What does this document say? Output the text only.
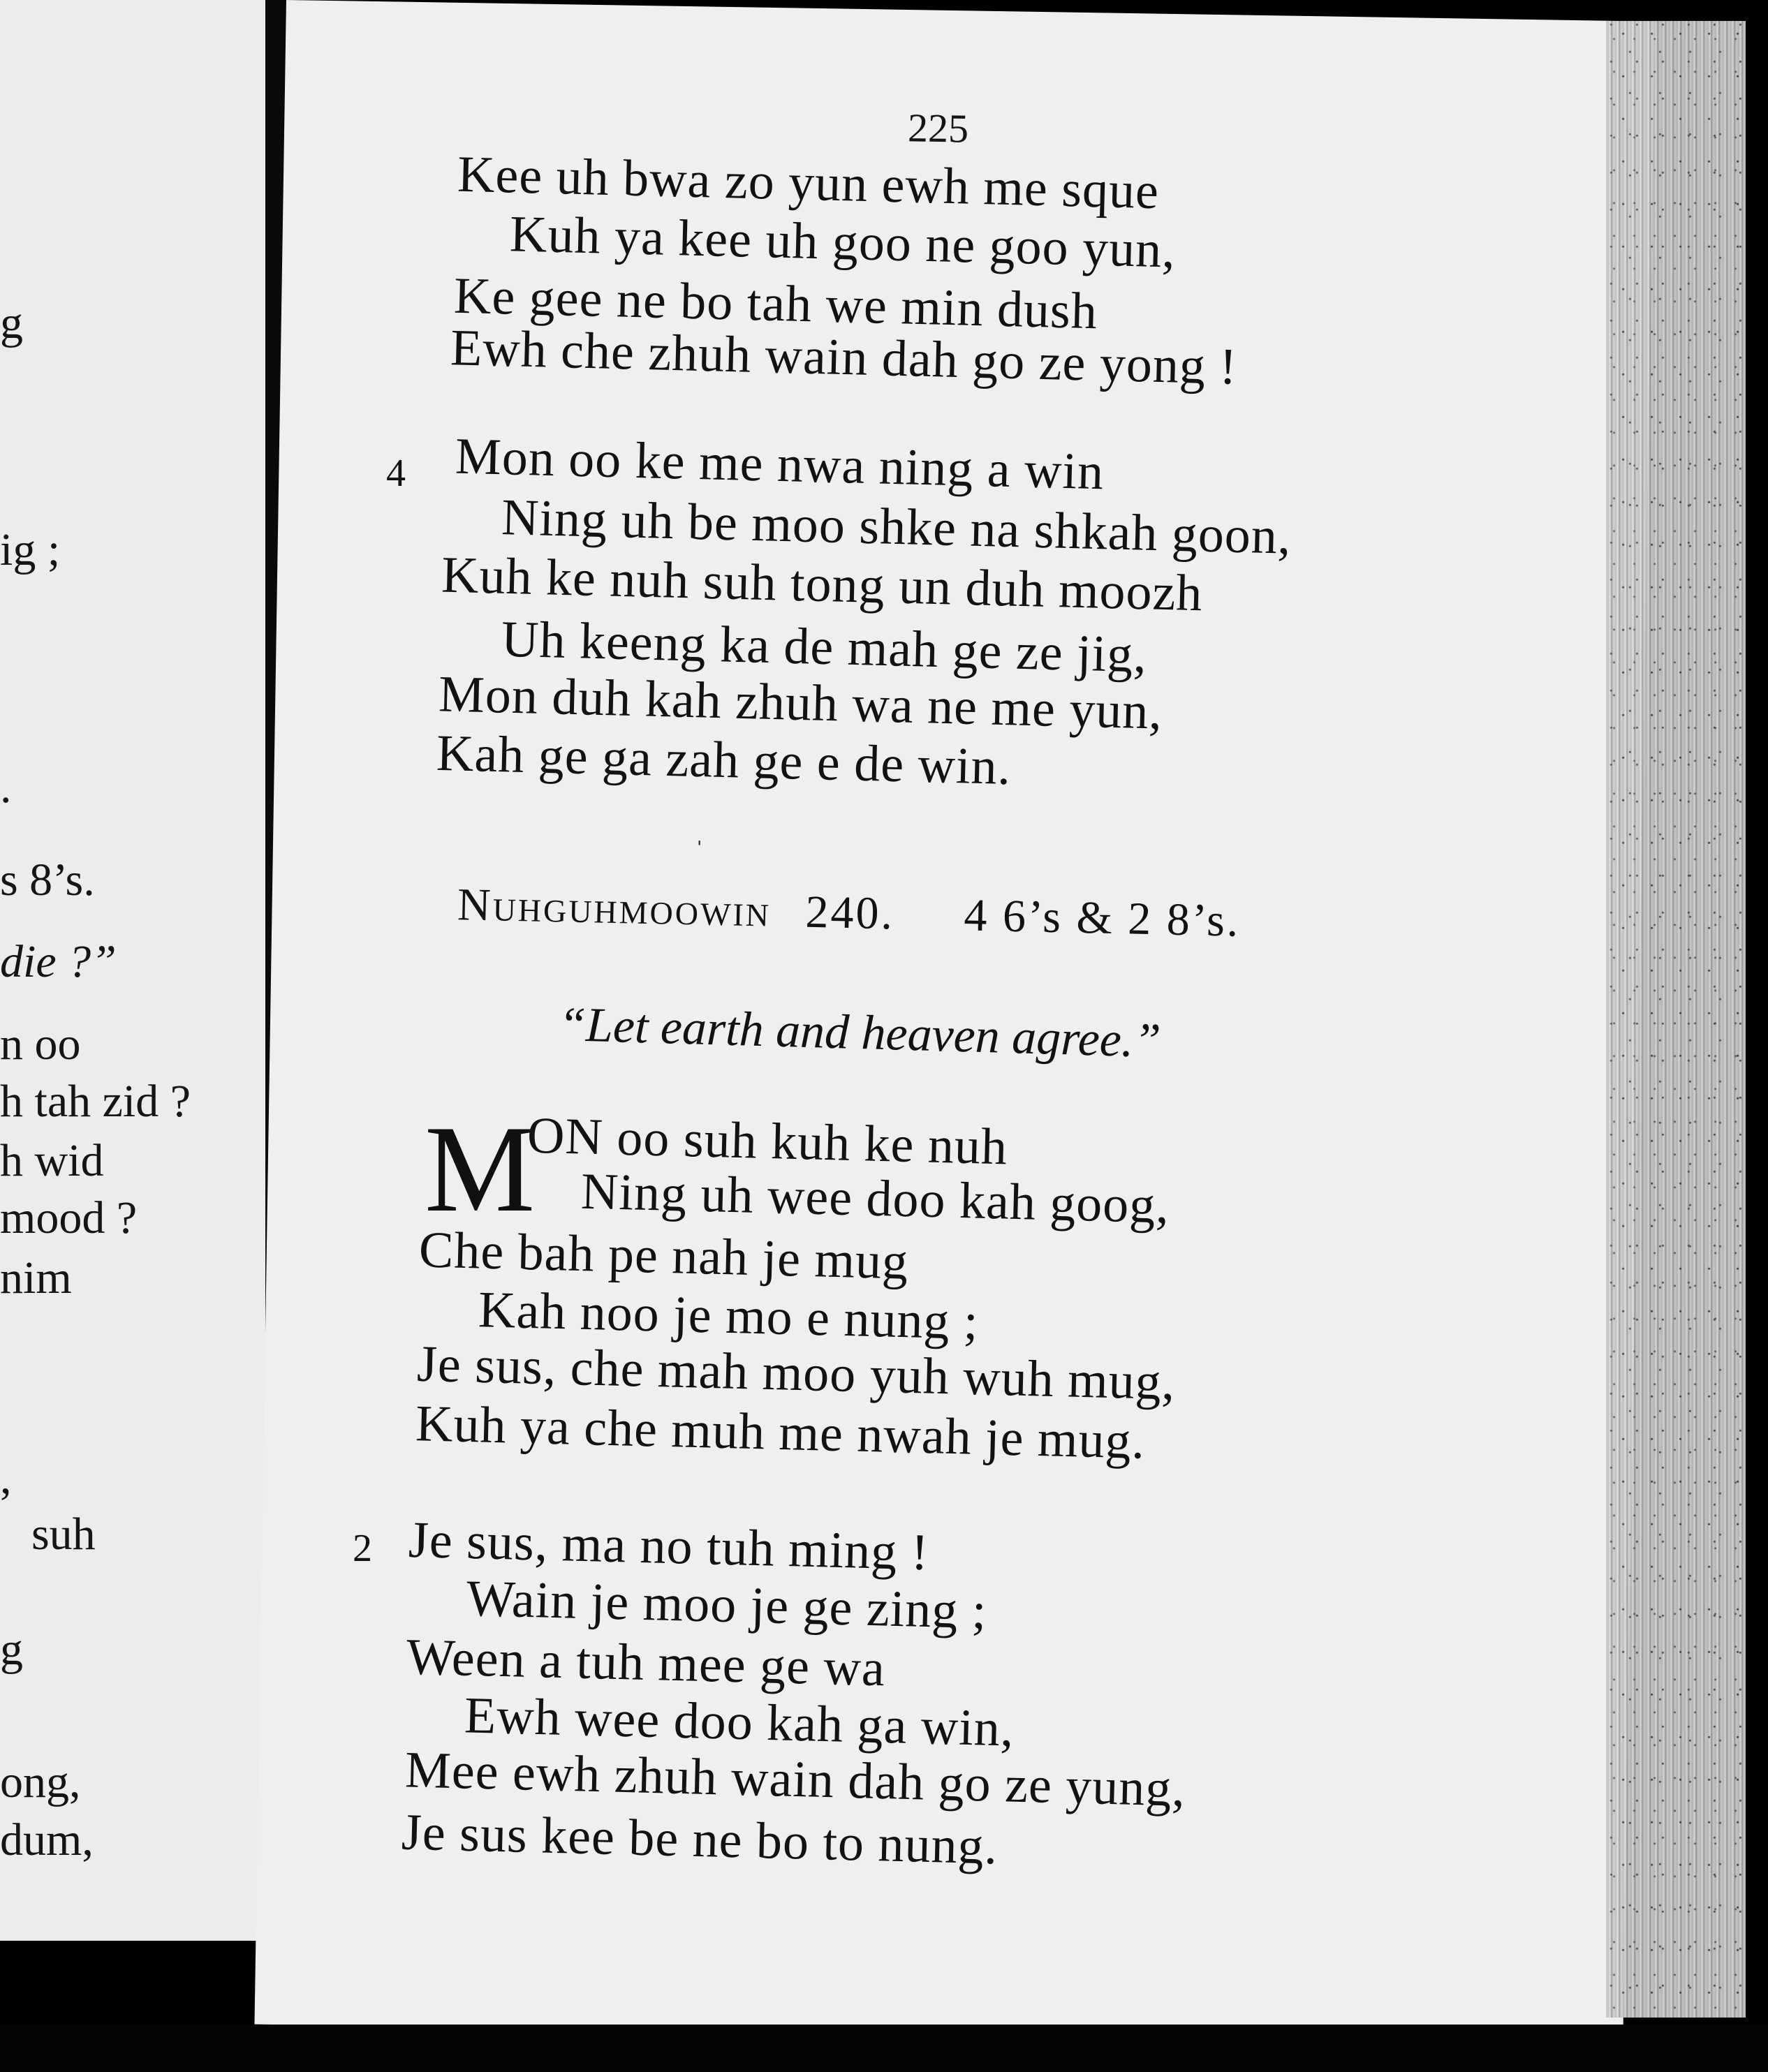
g
ig ;
.
s 8’s.
die ?”
n oo
h tah zid ?
h wid
mood ?
nim
,
suh
g
ong,
dum,
225
Kee uh bwa zo yun ewh me sque
Kuh ya kee uh goo ne goo yun,
Ke gee ne bo tah we min dush
Ewh che zhuh wain dah go ze yong !
4 Mon oo ke me nwa ning a win
Ning uh be moo shke na shkah goon,
Kuh ke nuh suh tong un duh moozh
Uh keeng ka de mah ge ze jig,
Mon duh kah zhuh wa ne me yun,
Kah ge ga zah ge e de win.
ˌ
Nuhguhmoowin 240. 4 6’s & 2 8’s.
“Let earth and heaven agree.”
M
ON oo suh kuh ke nuh
Ning uh wee doo kah goog,
Che bah pe nah je mug
Kah noo je mo e nung ;
Je sus, che mah moo yuh wuh mug,
Kuh ya che muh me nwah je mug.
2 Je sus, ma no tuh ming !
Wain je moo je ge zing ;
Ween a tuh mee ge wa
Ewh wee doo kah ga win,
Mee ewh zhuh wain dah go ze yung,
Je sus kee be ne bo to nung.
